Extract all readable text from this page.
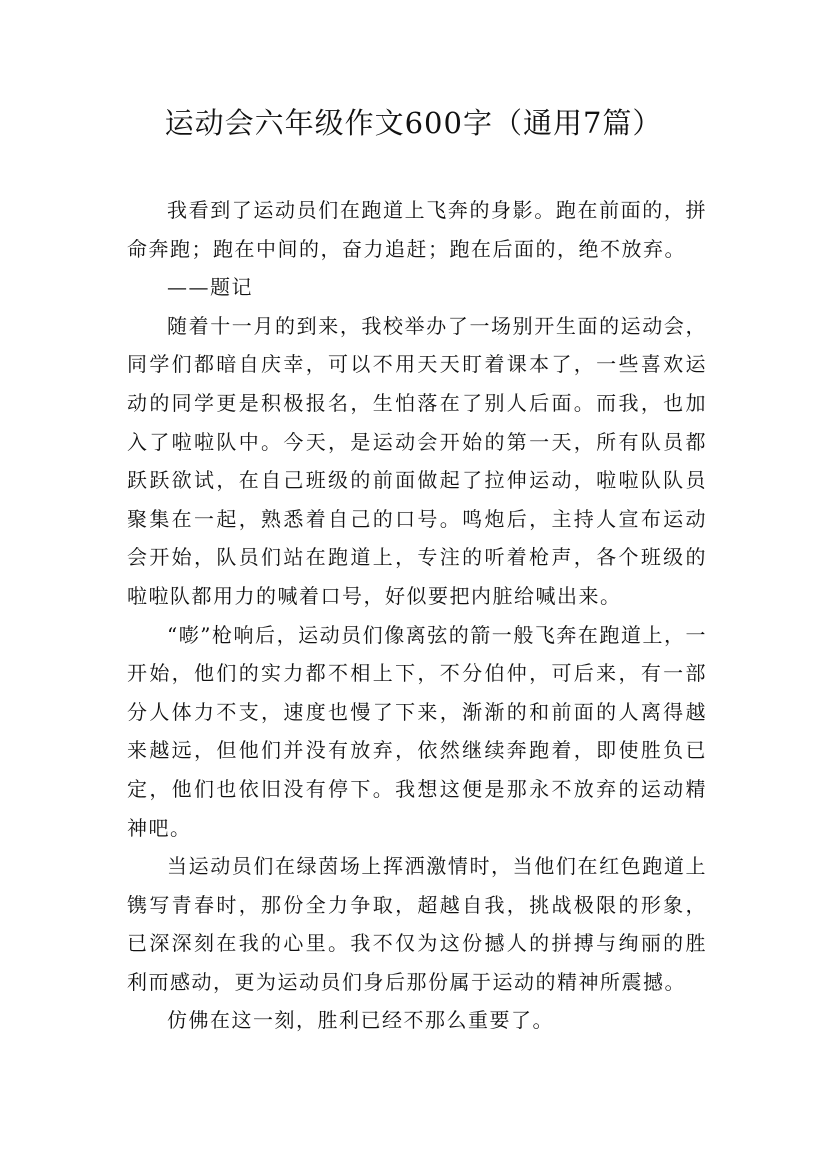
运动会六年级作文600字（通用7篇）

我看到了运动员们在跑道上飞奔的身影。跑在前面的，拼命奔跑；跑在中间的，奋力追赶；跑在后面的，绝不放弃。

——题记

随着十一月的到来，我校举办了一场别开生面的运动会，同学们都暗自庆幸，可以不用天天盯着课本了，一些喜欢运动的同学更是积极报名，生怕落在了别人后面。而我，也加入了啦啦队中。今天，是运动会开始的第一天，所有队员都跃跃欲试，在自己班级的前面做起了拉伸运动，啦啦队队员聚集在一起，熟悉着自己的口号。鸣炮后，主持人宣布运动会开始，队员们站在跑道上，专注的听着枪声，各个班级的啦啦队都用力的喊着口号，好似要把内脏给喊出来。

“嘭”枪响后，运动员们像离弦的箭一般飞奔在跑道上，一开始，他们的实力都不相上下，不分伯仲，可后来，有一部分人体力不支，速度也慢了下来，渐渐的和前面的人离得越来越远，但他们并没有放弃，依然继续奔跑着，即使胜负已定，他们也依旧没有停下。我想这便是那永不放弃的运动精神吧。

当运动员们在绿茵场上挥洒激情时，当他们在红色跑道上镌写青春时，那份全力争取，超越自我，挑战极限的形象，已深深刻在我的心里。我不仅为这份撼人的拼搏与绚丽的胜利而感动，更为运动员们身后那份属于运动的精神所震撼。

仿佛在这一刻，胜利已经不那么重要了。
